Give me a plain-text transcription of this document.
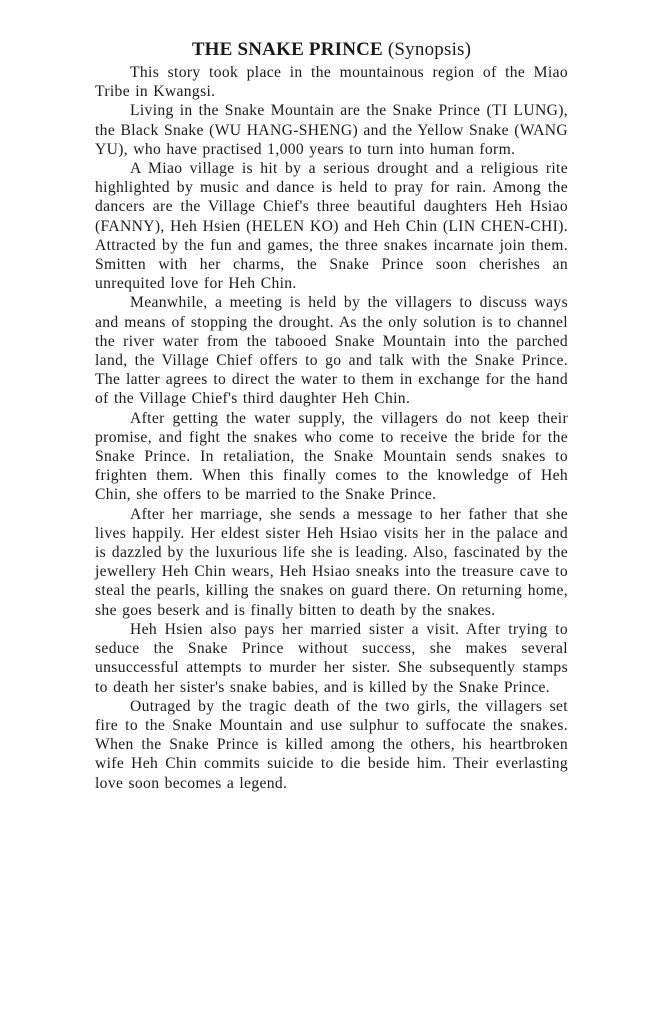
THE SNAKE PRINCE (Synopsis)

This story took place in the mountainous region of the Miao Tribe in Kwangsi.

Living in the Snake Mountain are the Snake Prince (TI LUNG), the Black Snake (WU HANG-SHENG) and the Yellow Snake (WANG YU), who have practised 1,000 years to turn into human form.

A Miao village is hit by a serious drought and a religious rite highlighted by music and dance is held to pray for rain. Among the dancers are the Village Chief's three beautiful daughters Heh Hsiao (FANNY), Heh Hsien (HELEN KO) and Heh Chin (LIN CHEN-CHI). Attracted by the fun and games, the three snakes incarnate join them. Smitten with her charms, the Snake Prince soon cherishes an unrequited love for Heh Chin.

Meanwhile, a meeting is held by the villagers to discuss ways and means of stopping the drought. As the only solution is to channel the river water from the tabooed Snake Mountain into the parched land, the Village Chief offers to go and talk with the Snake Prince. The latter agrees to direct the water to them in exchange for the hand of the Village Chief's third daughter Heh Chin.

After getting the water supply, the villagers do not keep their promise, and fight the snakes who come to receive the bride for the Snake Prince. In retaliation, the Snake Mountain sends snakes to frighten them. When this finally comes to the knowledge of Heh Chin, she offers to be married to the Snake Prince.

After her marriage, she sends a message to her father that she lives happily. Her eldest sister Heh Hsiao visits her in the palace and is dazzled by the luxurious life she is leading. Also, fascinated by the jewellery Heh Chin wears, Heh Hsiao sneaks into the treasure cave to steal the pearls, killing the snakes on guard there. On returning home, she goes beserk and is finally bitten to death by the snakes.

Heh Hsien also pays her married sister a visit. After trying to seduce the Snake Prince without success, she makes several unsuccessful attempts to murder her sister. She subsequently stamps to death her sister's snake babies, and is killed by the Snake Prince.

Outraged by the tragic death of the two girls, the villagers set fire to the Snake Mountain and use sulphur to suffocate the snakes. When the Snake Prince is killed among the others, his heartbroken wife Heh Chin commits suicide to die beside him. Their everlasting love soon becomes a legend.
